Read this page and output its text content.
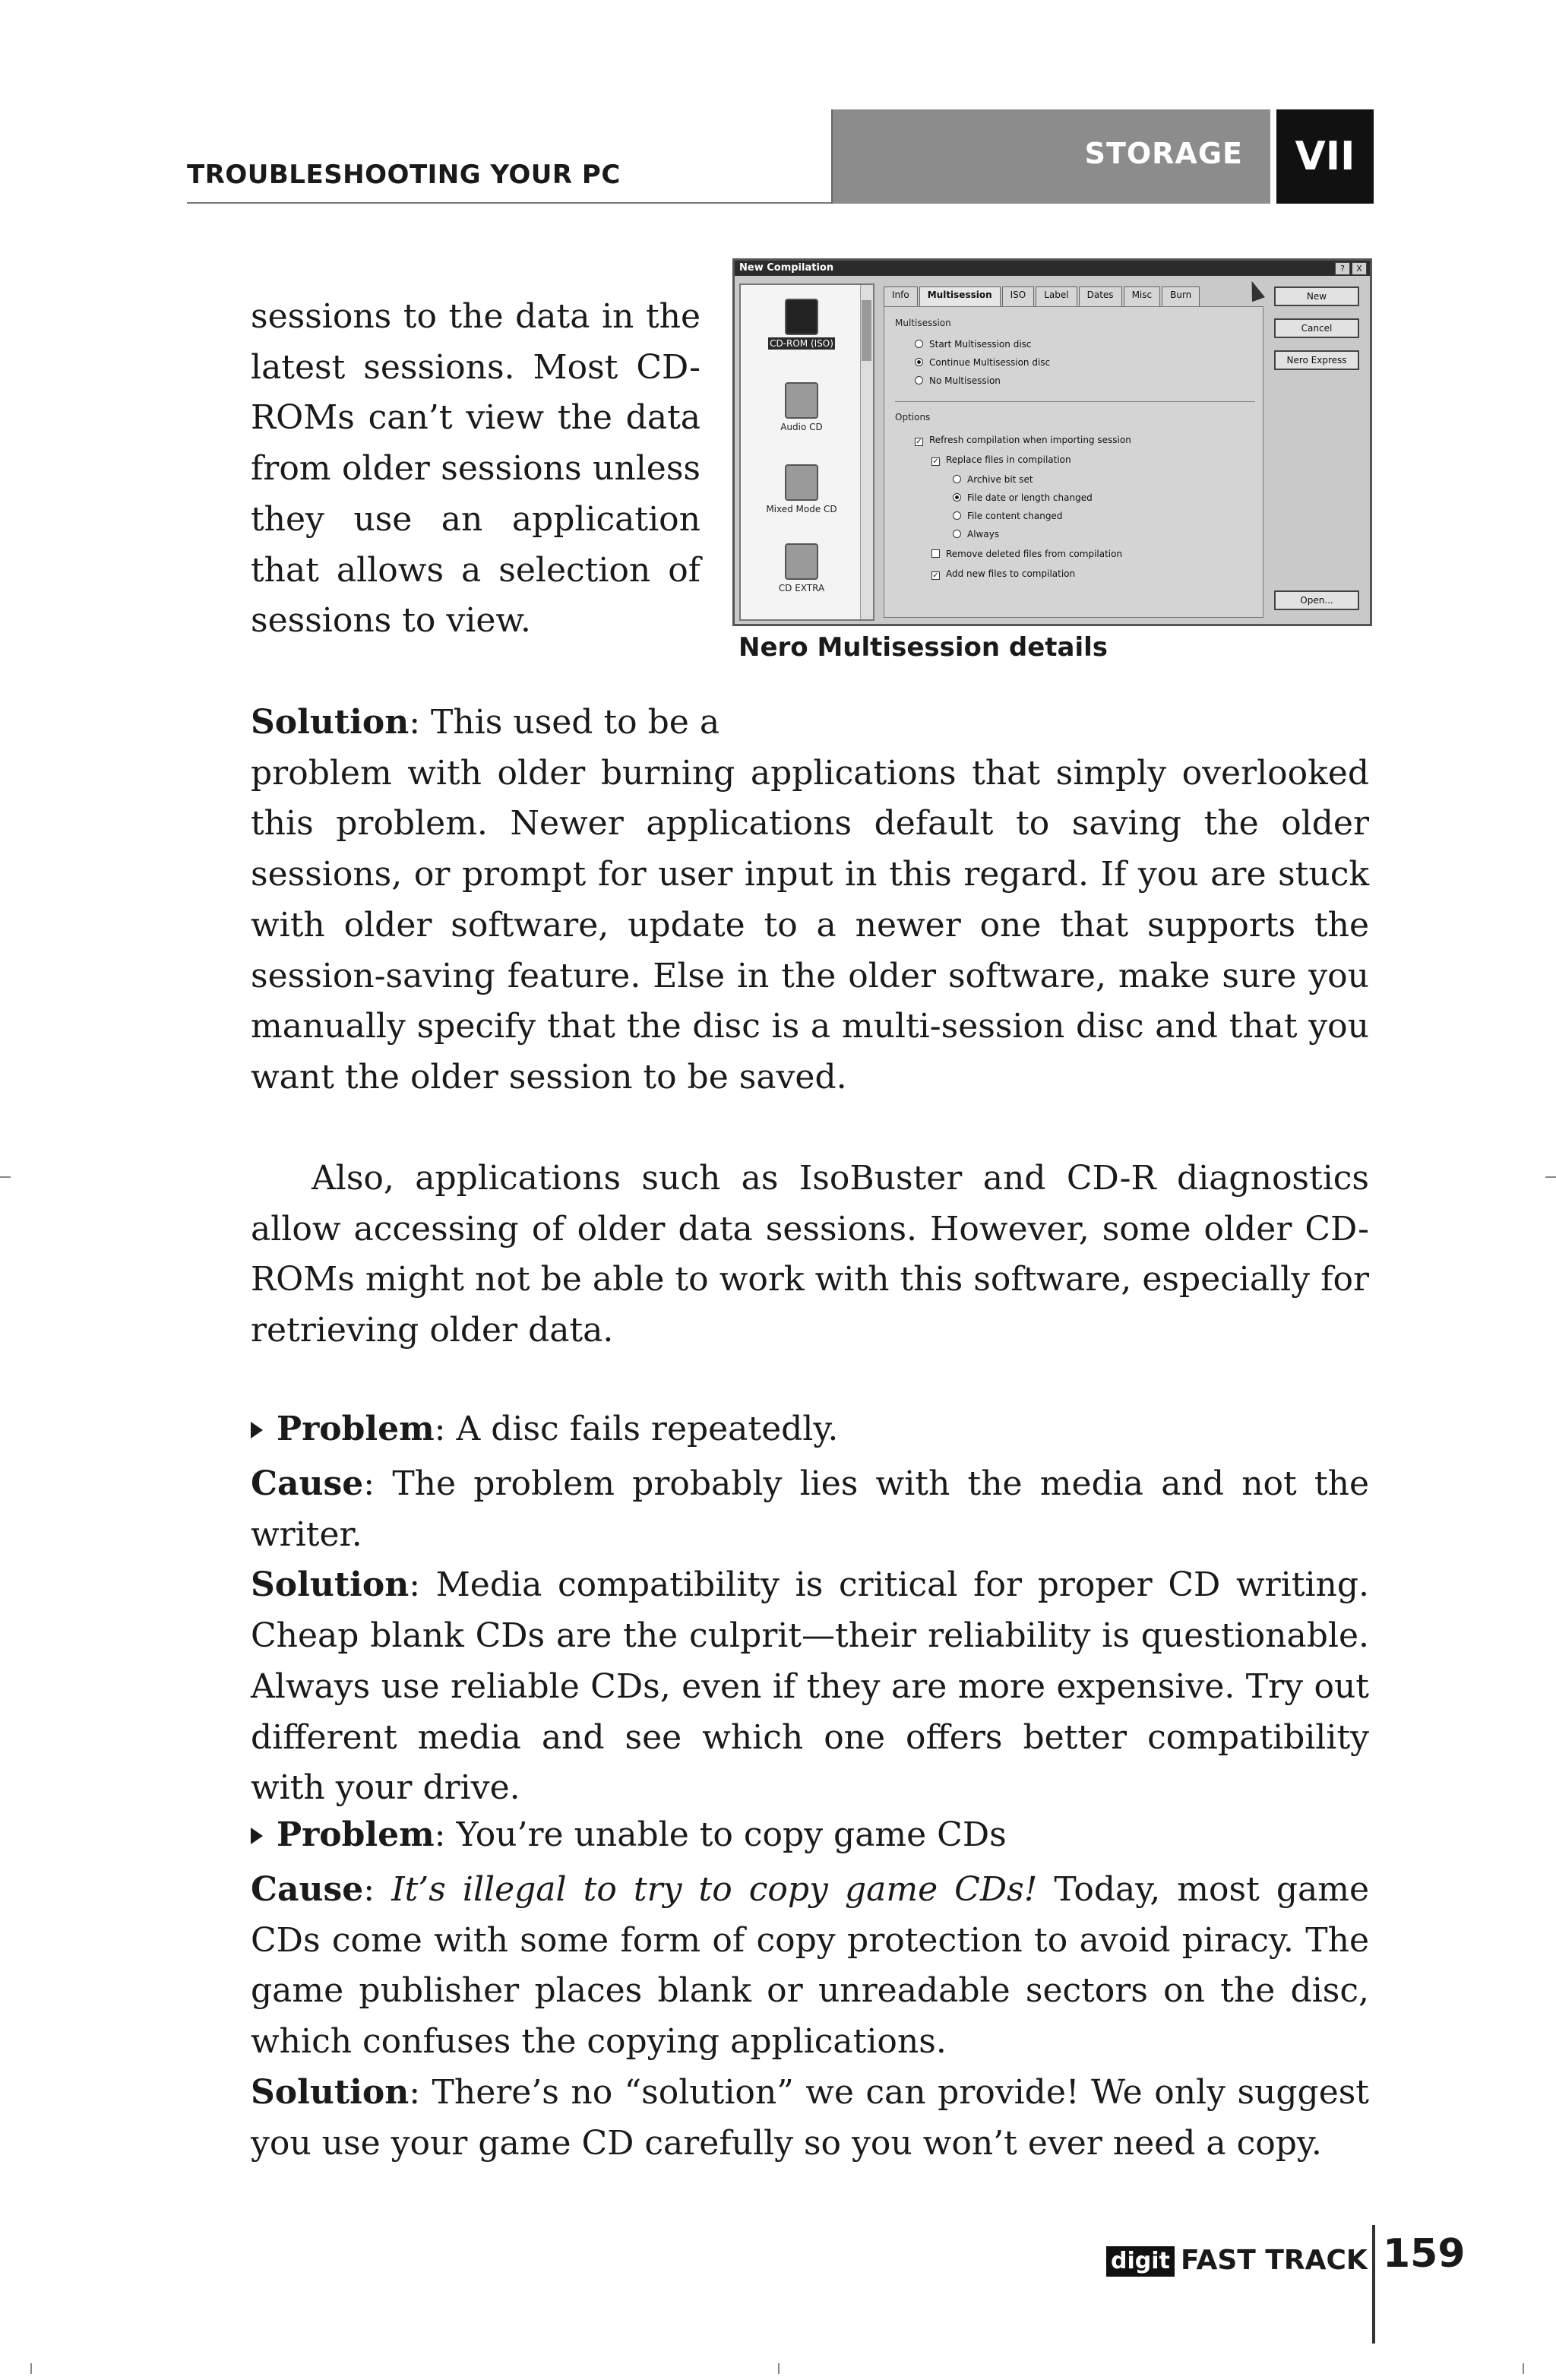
TROUBLESHOOTING YOUR PC
STORAGE	VII
New Compilation	?	X
CD-ROM (ISO)
Audio CD
Mixed Mode CD
CD EXTRA
Info	Multisession	ISO	Label	Dates	Misc	Burn
Multisession
Start Multisession disc
Continue Multisession disc
No Multisession
Options
✓ Refresh compilation when importing session
✓ Replace files in compilation
Archive bit set
File date or length changed
File content changed
Always
Remove deleted files from compilation
✓ Add new files to compilation
New
Cancel
Nero Express
Open...
Nero Multisession details
sessions to the data in the latest sessions. Most CD-ROMs can’t view the data from older sessions unless they use an application that allows a selection of sessions to view.
Solution: This used to be a
problem with older burning applications that simply overlooked this problem. Newer applications default to saving the older sessions, or prompt for user input in this regard. If you are stuck with older software, update to a newer one that supports the session-saving feature. Else in the older software, make sure you manually specify that the disc is a multi-session disc and that you want the older session to be saved.
Also, applications such as IsoBuster and CD-R diagnostics allow accessing of older data sessions. However, some older CD-ROMs might not be able to work with this software, especially for retrieving older data.
Problem: A disc fails repeatedly.
Cause: The problem probably lies with the media and not the writer.
Solution: Media compatibility is critical for proper CD writing. Cheap blank CDs are the culprit—their reliability is questionable. Always use reliable CDs, even if they are more expensive. Try out different media and see which one offers better compatibility with your drive.
Problem: You’re unable to copy game CDs
Cause: It’s illegal to try to copy game CDs! Today, most game CDs come with some form of copy protection to avoid piracy. The game publisher places blank or unreadable sectors on the disc, which confuses the copying applications.
Solution: There’s no “solution” we can provide! We only suggest you use your game CD carefully so you won’t ever need a copy.
digit FAST TRACK 159
